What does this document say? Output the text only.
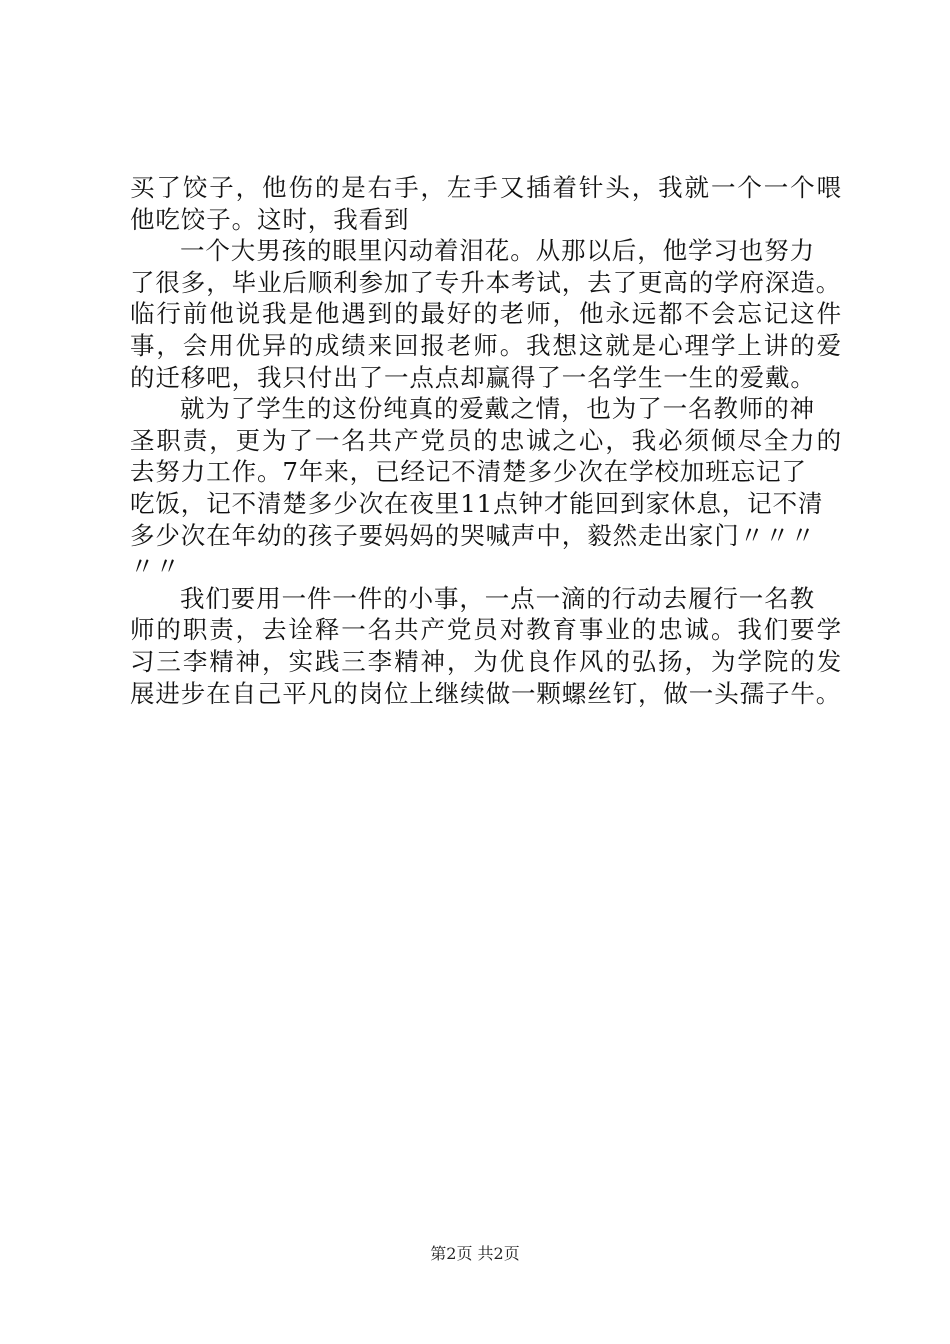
买了饺子，他伤的是右手，左手又插着针头，我就一个一个喂
他吃饺子。这时，我看到
一个大男孩的眼里闪动着泪花。从那以后，他学习也努力
了很多，毕业后顺利参加了专升本考试，去了更高的学府深造。
临行前他说我是他遇到的最好的老师，他永远都不会忘记这件
事，会用优异的成绩来回报老师。我想这就是心理学上讲的爱
的迁移吧，我只付出了一点点却赢得了一名学生一生的爱戴。
就为了学生的这份纯真的爱戴之情，也为了一名教师的神
圣职责，更为了一名共产党员的忠诚之心，我必须倾尽全力的
去努力工作。7年来，已经记不清楚多少次在学校加班忘记了
吃饭，记不清楚多少次在夜里11点钟才能回到家休息，记不清
多少次在年幼的孩子要妈妈的哭喊声中，毅然走出家门〃〃〃
〃〃
我们要用一件一件的小事，一点一滴的行动去履行一名教
师的职责，去诠释一名共产党员对教育事业的忠诚。我们要学
习三李精神，实践三李精神，为优良作风的弘扬，为学院的发
展进步在自己平凡的岗位上继续做一颗螺丝钉，做一头孺子牛。
第2页 共2页
